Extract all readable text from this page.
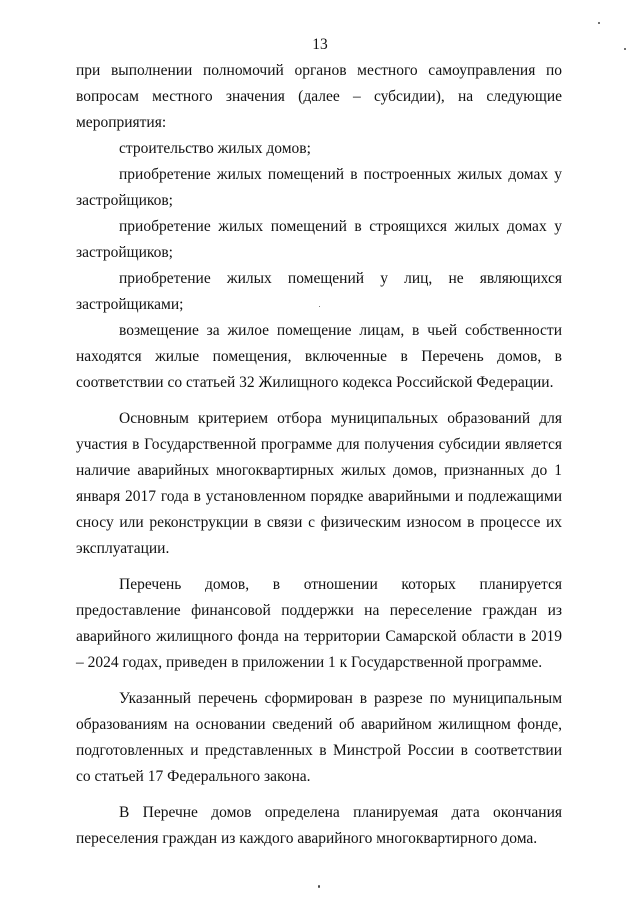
13

при выполнении полномочий органов местного самоуправления по вопросам местного значения (далее – субсидии), на следующие мероприятия:

строительство жилых домов;

приобретение жилых помещений в построенных жилых домах у застройщиков;

приобретение жилых помещений в строящихся жилых домах у застройщиков;

приобретение жилых помещений у лиц, не являющихся застройщиками;

возмещение за жилое помещение лицам, в чьей собственности находятся жилые помещения, включенные в Перечень домов, в соответствии со статьей 32 Жилищного кодекса Российской Федерации.

Основным критерием отбора муниципальных образований для участия в Государственной программе для получения субсидии является наличие аварийных многоквартирных жилых домов, признанных до 1 января 2017 года в установленном порядке аварийными и подлежащими сносу или реконструкции в связи с физическим износом в процессе их эксплуатации.

Перечень домов, в отношении которых планируется предоставление финансовой поддержки на переселение граждан из аварийного жилищного фонда на территории Самарской области в 2019 – 2024 годах, приведен в приложении 1 к Государственной программе.

Указанный перечень сформирован в разрезе по муниципальным образованиям на основании сведений об аварийном жилищном фонде, подготовленных и представленных в Минстрой России в соответствии со статьей 17 Федерального закона.

В Перечне домов определена планируемая дата окончания переселения граждан из каждого аварийного многоквартирного дома.
